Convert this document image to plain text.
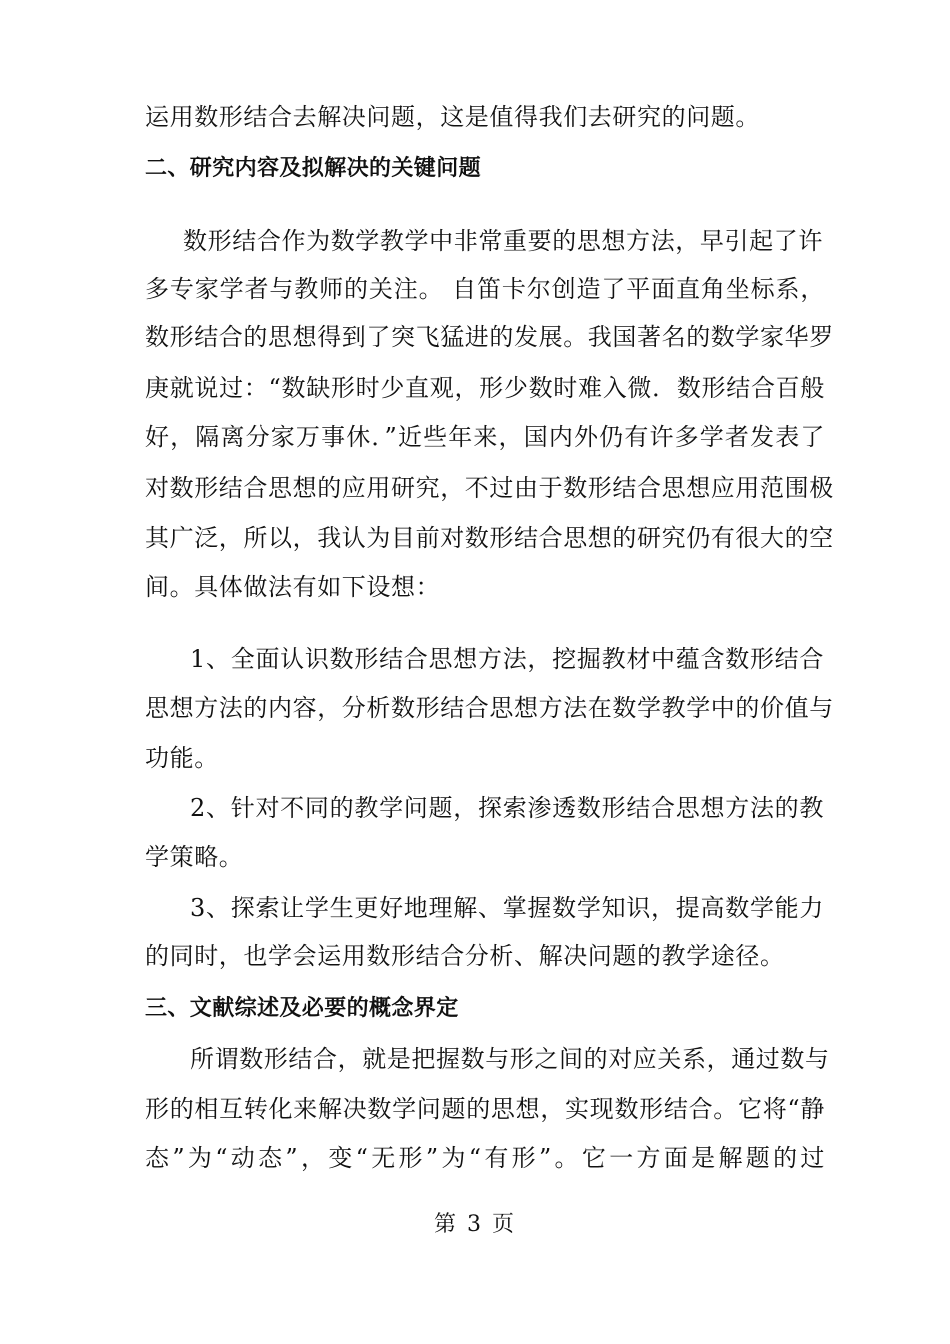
运用数形结合去解决问题，这是值得我们去研究的问题。
二、研究内容及拟解决的关键问题
数形结合作为数学教学中非常重要的思想方法，早引起了许
多专家学者与教师的关注。 自笛卡尔创造了平面直角坐标系，
数形结合的思想得到了突飞猛进的发展。我国著名的数学家华罗
庚就说过：“数缺形时少直观，形少数时难入微．数形结合百般
好，隔离分家万事休．”近些年来，国内外仍有许多学者发表了
对数形结合思想的应用研究，不过由于数形结合思想应用范围极
其广泛，所以，我认为目前对数形结合思想的研究仍有很大的空
间。具体做法有如下设想：
1、全面认识数形结合思想方法，挖掘教材中蕴含数形结合
思想方法的内容，分析数形结合思想方法在数学教学中的价值与
功能。
2、针对不同的教学问题，探索渗透数形结合思想方法的教
学策略。
3、探索让学生更好地理解、掌握数学知识，提高数学能力
的同时，也学会运用数形结合分析、解决问题的教学途径。
三、文献综述及必要的概念界定
所谓数形结合，就是把握数与形之间的对应关系，通过数与
形的相互转化来解决数学问题的思想，实现数形结合。它将“静
态”为“动态”，变“无形”为“有形”。它一方面是解题的过
第 3 页
